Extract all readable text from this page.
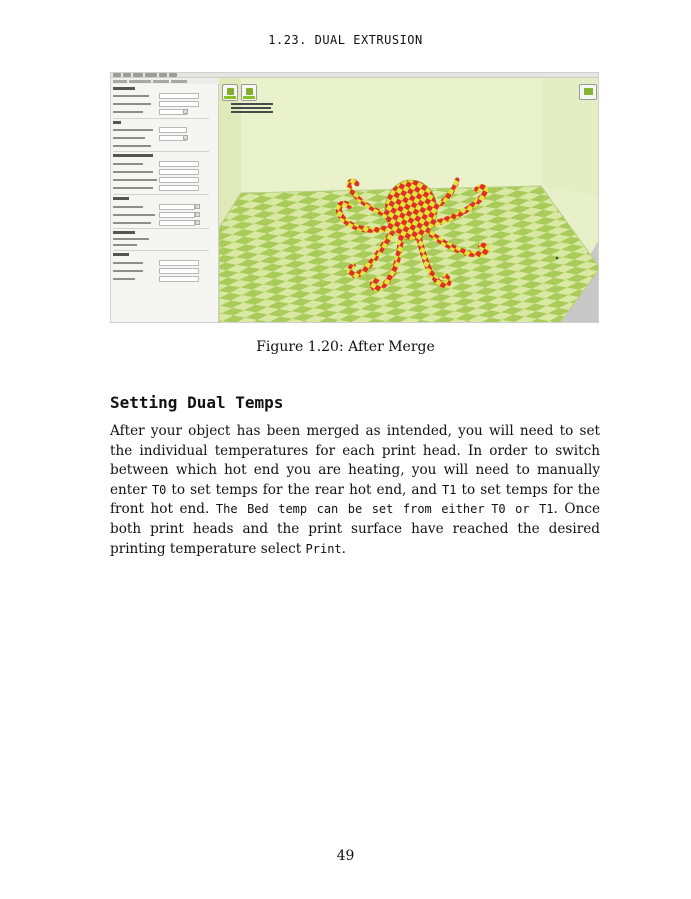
1.23. DUAL EXTRUSION
Figure 1.20: After Merge
Setting Dual Temps

After your object has been merged as intended, you will need to set the individual temperatures for each print head. In order to switch between which hot end you are heating, you will need to manually enter T0 to set temps for the rear hot end, and T1 to set temps for the front hot end. The Bed temp can be set from either T0 or T1. Once both print heads and the print surface have reached the desired printing temperature select Print.

49
